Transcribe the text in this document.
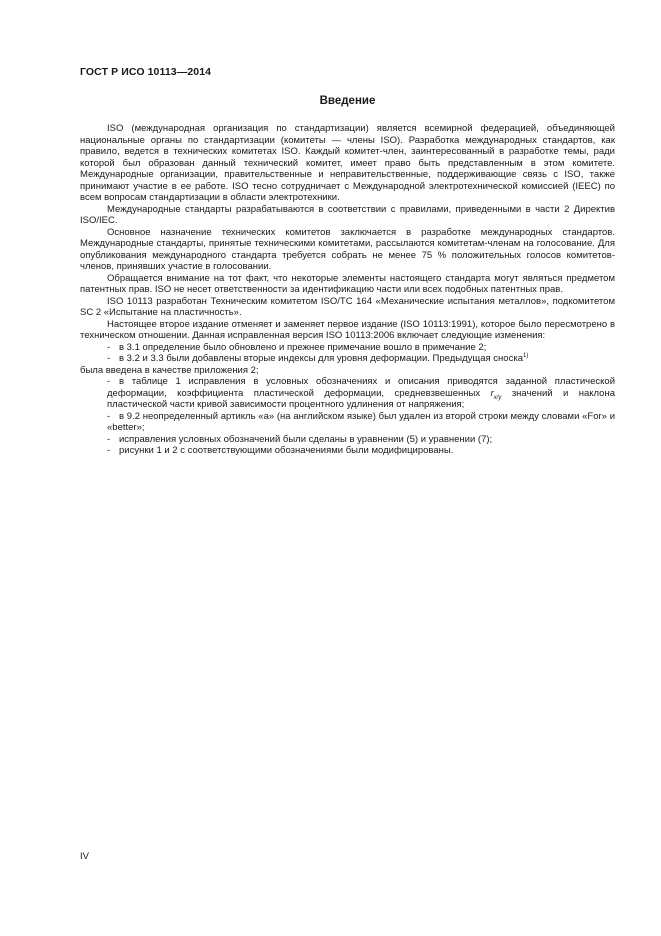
ГОСТ Р ИСО 10113—2014
Введение

ISO (международная организация по стандартизации) является всемирной федерацией, объединяющей национальные органы по стандартизации (комитеты — члены ISO). Разработка международных стандартов, как правило, ведется в технических комитетах ISO. Каждый комитет-член, заинтересованный в разработке темы, ради которой был образован данный технический комитет, имеет право быть представленным в этом комитете. Международные организации, правительственные и неправительственные, поддерживающие связь с ISO, также принимают участие в ее работе. ISO тесно сотрудничает с Международной электротехнической комиссией (IEEC) по всем вопросам стандартизации в области электротехники.

Международные стандарты разрабатываются в соответствии с правилами, приведенными в части 2 Директив ISO/IEC.

Основное назначение технических комитетов заключается в разработке международных стандартов. Международные стандарты, принятые техническими комитетами, рассылаются комитетам-членам на голосование. Для опубликования международного стандарта требуется собрать не менее 75 % положительных голосов комитетов-членов, принявших участие в голосовании.

Обращается внимание на тот факт, что некоторые элементы настоящего стандарта могут являться предметом патентных прав. ISO не несет ответственности за идентификацию части или всех подобных патентных прав.

ISO 10113 разработан Техническим комитетом ISO/TC 164 «Механические испытания металлов», подкомитетом SC 2 «Испытание на пластичность».

Настоящее второе издание отменяет и заменяет первое издание (ISO 10113:1991), которое было пересмотрено в техническом отношении. Данная исправленная версия ISO 10113:2006 включает следующие изменения:

- в 3.1 определение было обновлено и прежнее примечание вошло в примечание 2;

- в 3.2 и 3.3 были добавлены вторые индексы для уровня деформации. Предыдущая сноска$^{1)}$

была введена в качестве приложения 2;

- в таблице 1 исправления в условных обозначениях и описания приводятся заданной пластической деформации, коэффициента пластической деформации, средневзвешенных $r_{x/y}$ значений и наклона пластической части кривой зависимости процентного удлинения от напряжения;

- в 9.2 неопределенный артикль «а» (на английском языке) был удален из второй строки между словами «For» и «better»;

- исправления условных обозначений были сделаны в уравнении (5) и уравнении (7);

- рисунки 1 и 2 с соответствующими обозначениями были модифицированы.

IV
